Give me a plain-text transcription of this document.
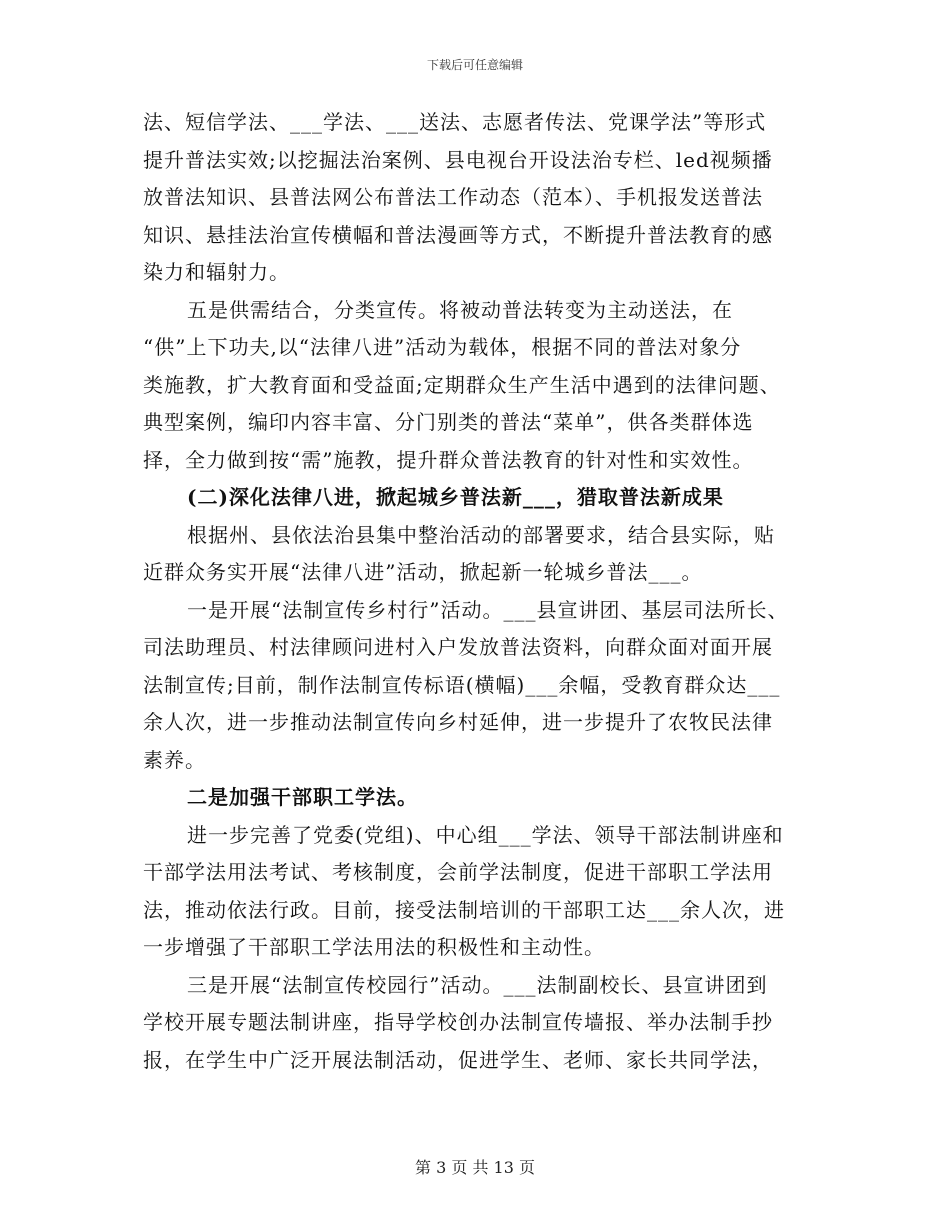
下载后可任意编辑
法、短信学法、___学法、___送法、志愿者传法、党课学法”等形式
提升普法实效;以挖掘法治案例、县电视台开设法治专栏、led视频播
放普法知识、县普法网公布普法工作动态（范本）、手机报发送普法
知识、悬挂法治宣传横幅和普法漫画等方式，不断提升普法教育的感
染力和辐射力。
五是供需结合，分类宣传。将被动普法转变为主动送法，在
“供”上下功夫,以“法律八进”活动为载体，根据不同的普法对象分
类施教，扩大教育面和受益面;定期群众生产生活中遇到的法律问题、
典型案例，编印内容丰富、分门别类的普法“菜单”，供各类群体选
择，全力做到按“需”施教，提升群众普法教育的针对性和实效性。
(二)深化法律八进，掀起城乡普法新___，猎取普法新成果
根据州、县依法治县集中整治活动的部署要求，结合县实际，贴
近群众务实开展“法律八进”活动，掀起新一轮城乡普法___。
一是开展“法制宣传乡村行”活动。___县宣讲团、基层司法所长、
司法助理员、村法律顾问进村入户发放普法资料，向群众面对面开展
法制宣传;目前，制作法制宣传标语(横幅)___余幅，受教育群众达___
余人次，进一步推动法制宣传向乡村延伸，进一步提升了农牧民法律
素养。
二是加强干部职工学法。
进一步完善了党委(党组)、中心组___学法、领导干部法制讲座和
干部学法用法考试、考核制度，会前学法制度，促进干部职工学法用
法，推动依法行政。目前，接受法制培训的干部职工达___余人次，进
一步增强了干部职工学法用法的积极性和主动性。
三是开展“法制宣传校园行”活动。___法制副校长、县宣讲团到
学校开展专题法制讲座，指导学校创办法制宣传墙报、举办法制手抄
报，在学生中广泛开展法制活动，促进学生、老师、家长共同学法，
第 3 页 共 13 页
